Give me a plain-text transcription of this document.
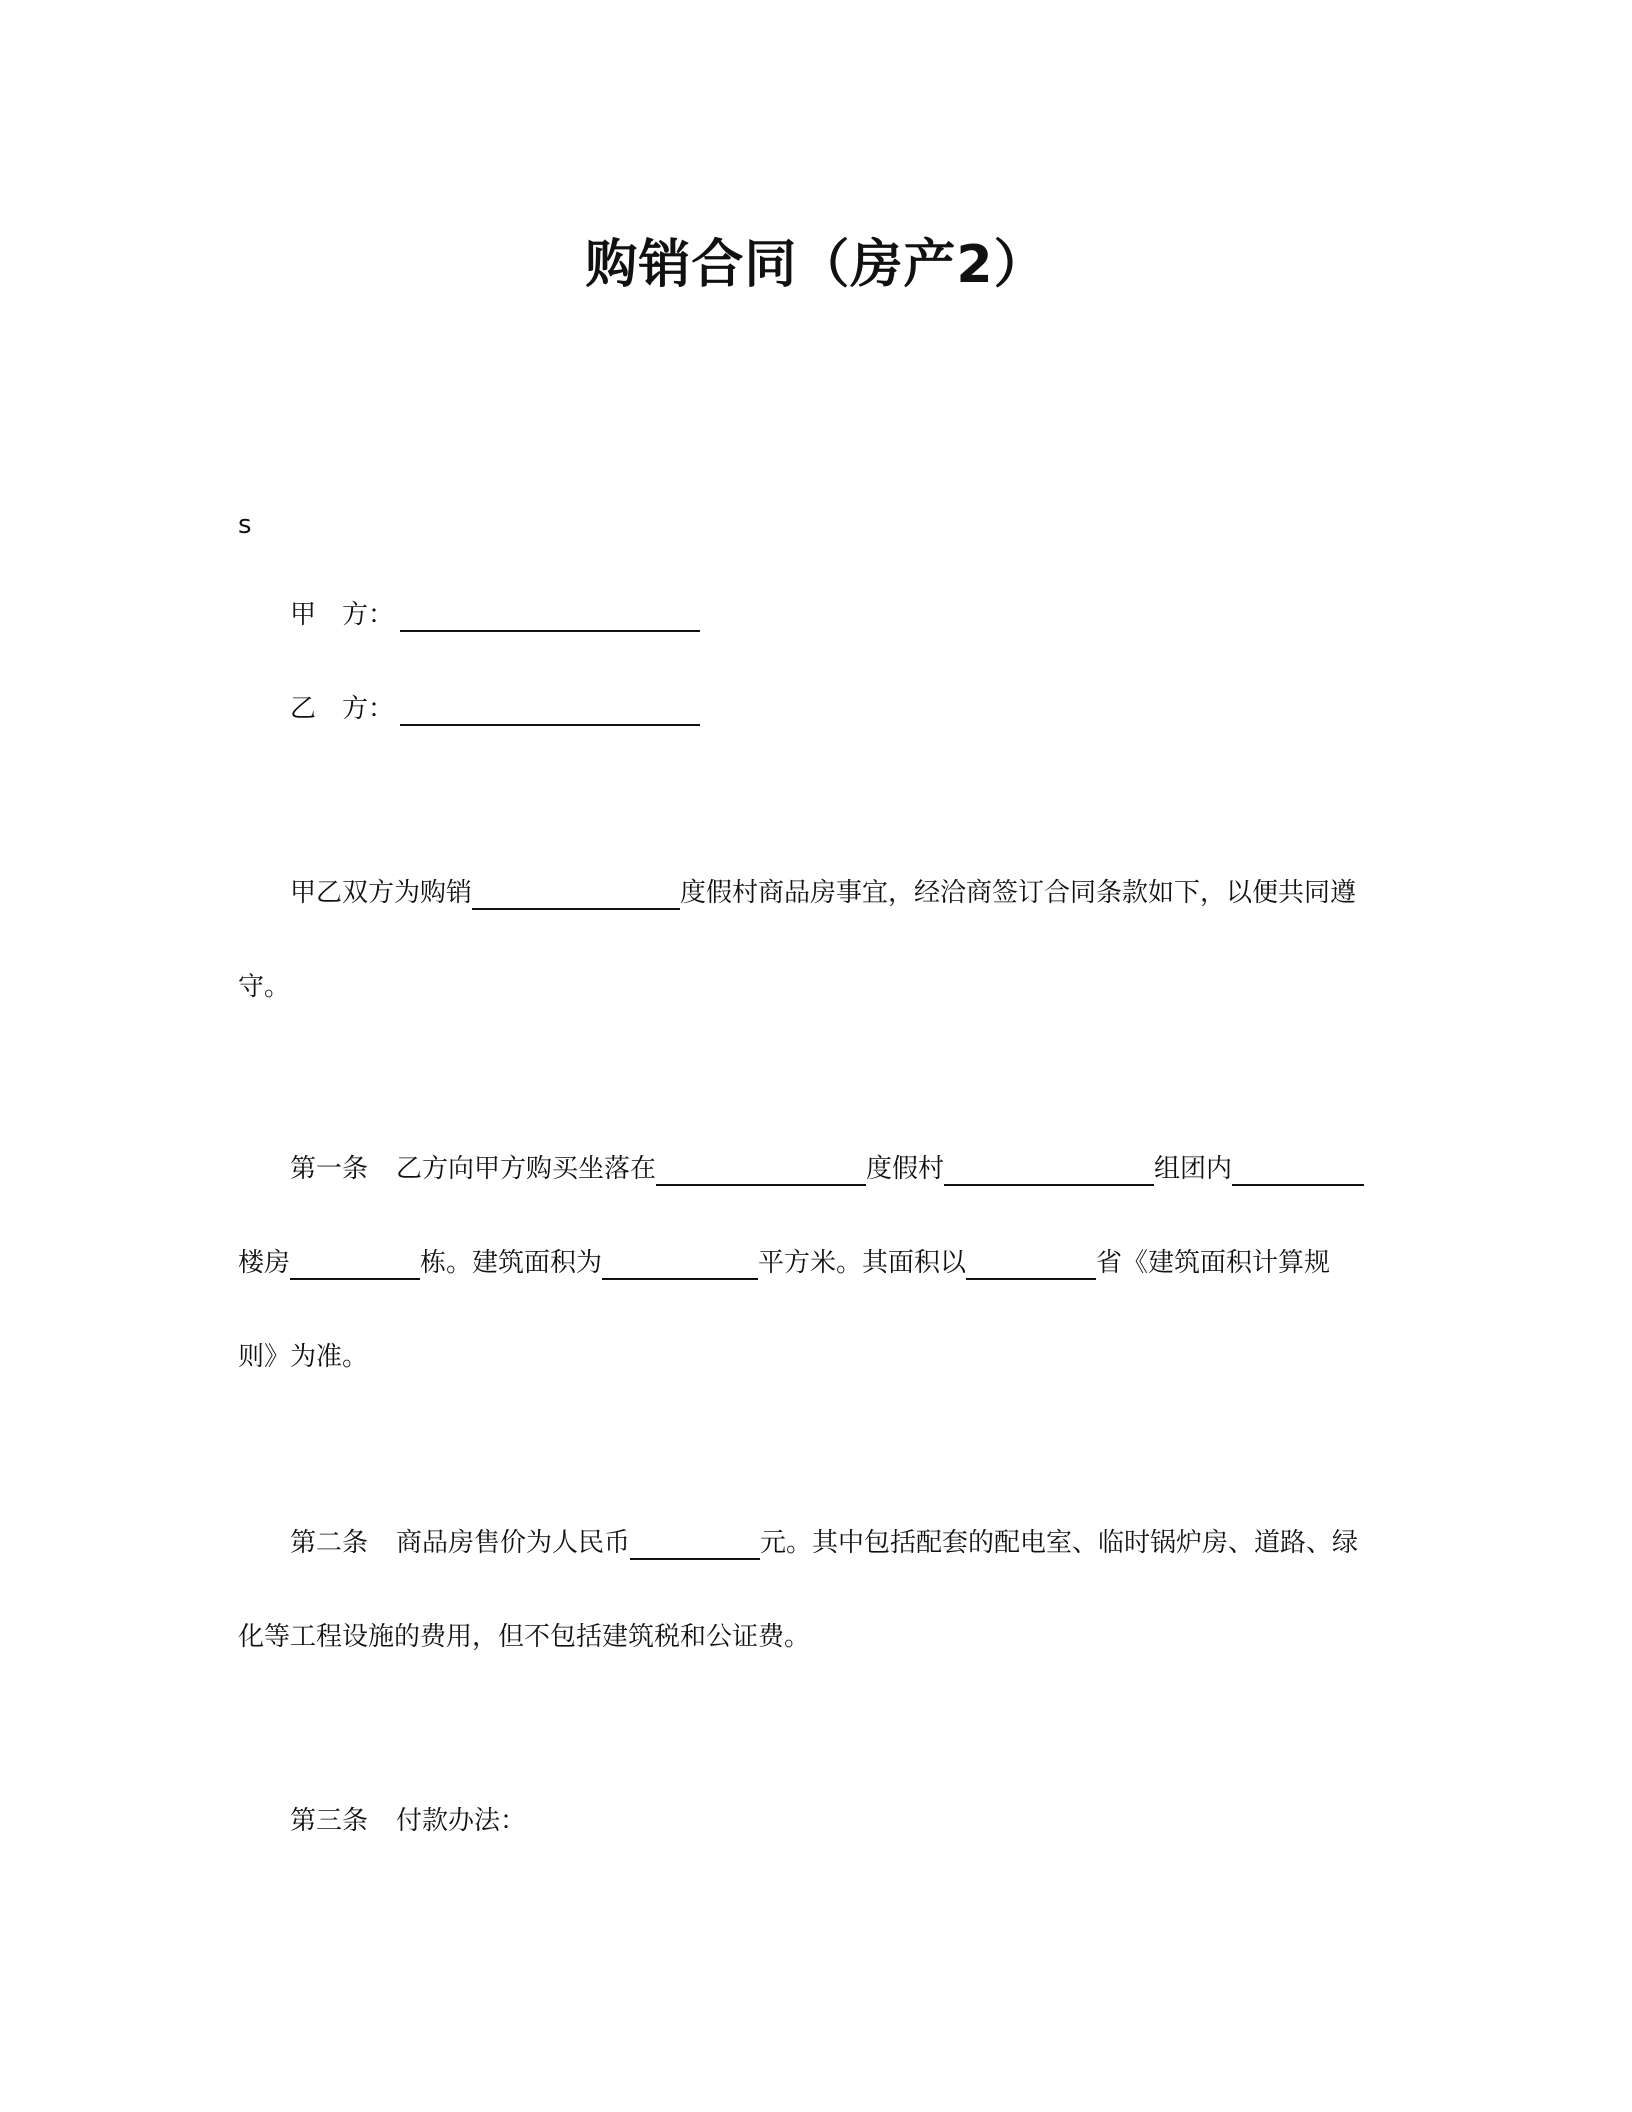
购销合同（房产2）
s
甲 方：
乙 方：
甲乙双方为购销	度假村商品房事宜，经洽商签订合同条款如下，以便共同遵
守。
第一条 乙方向甲方购买坐落在	度假村	组团内
楼房	栋。建筑面积为	平方米。其面积以	省《建筑面积计算规
则》为准。
第二条 商品房售价为人民币	元。其中包括配套的配电室、临时锅炉房、道路、绿
化等工程设施的费用，但不包括建筑税和公证费。
第三条 付款办法：
